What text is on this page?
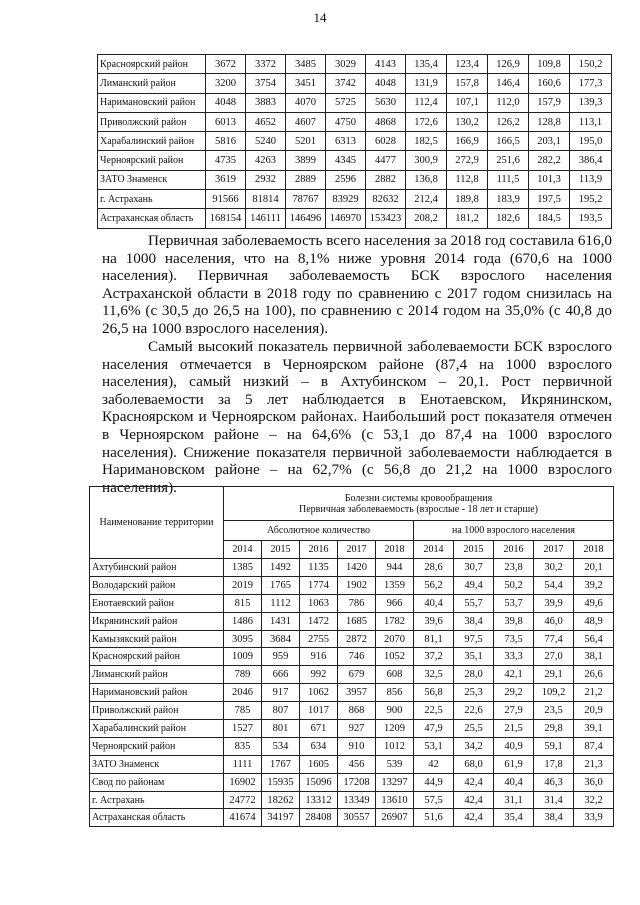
14
Красноярский район	3672	3372	3485	3029	4143	135,4	123,4	126,9	109,8	150,2
Лиманский район	3200	3754	3451	3742	4048	131,9	157,8	146,4	160,6	177,3
Наримановский район	4048	3883	4070	5725	5630	112,4	107,1	112,0	157,9	139,3
Приволжский район	6013	4652	4607	4750	4868	172,6	130,2	126,2	128,8	113,1
Харабалинский район	5816	5240	5201	6313	6028	182,5	166,9	166,5	203,1	195,0
Черноярский район	4735	4263	3899	4345	4477	300,9	272,9	251,6	282,2	386,4
ЗАТО Знаменск	3619	2932	2889	2596	2882	136,8	112,8	111,5	101,3	113,9
г. Астрахань	91566	81814	78767	83929	82632	212,4	189,8	183,9	197,5	195,2
Астраханская область	168154	146111	146496	146970	153423	208,2	181,2	182,6	184,5	193,5

Первичная заболеваемость всего населения за 2018 год составила 616,0 на 1000 населения, что на 8,1% ниже уровня 2014 года (670,6 на 1000 населения). Первичная заболеваемость БСК взрослого населения Астраханской области в 2018 году по сравнению с 2017 годом снизилась на 11,6% (с 30,5 до 26,5 на 100), по сравнению с 2014 годом на 35,0% (с 40,8 до 26,5 на 1000 взрослого населения).

Самый высокий показатель первичной заболеваемости БСК взрослого населения отмечается в Черноярском районе (87,4 на 1000 взрослого населения), самый низкий – в Ахтубинском – 20,1. Рост первичной заболеваемости за 5 лет наблюдается в Енотаевском, Икрянинском, Красноярском и Черноярском районах. Наибольший рост показателя отмечен в Черноярском районе – на 64,6% (с 53,1 до 87,4 на 1000 взрослого населения). Снижение показателя первичной заболеваемости наблюдается в Наримановском районе – на 62,7% (с 56,8 до 21,2 на 1000 взрослого населения).

Наименование территории	Болезни системы кровообращения
Первичная заболеваемость (взрослые - 18 лет и старше)									

	Абсолютное количество					на 1000 взрослого населения				
	2014	2015	2016	2017	2018	2014	2015	2016	2017	2018
Ахтубинский район	1385	1492	1135	1420	944	28,6	30,7	23,8	30,2	20,1
Володарский район	2019	1765	1774	1902	1359	56,2	49,4	50,2	54,4	39,2
Енотаевский район	815	1112	1063	786	966	40,4	55,7	53,7	39,9	49,6
Икрянинский район	1486	1431	1472	1685	1782	39,6	38,4	39,8	46,0	48,9
Камызякский район	3095	3684	2755	2872	2070	81,1	97,5	73,5	77,4	56,4
Красноярский район	1009	959	916	746	1052	37,2	35,1	33,3	27,0	38,1
Лиманский район	789	666	992	679	608	32,5	28,0	42,1	29,1	26,6
Наримановский район	2046	917	1062	3957	856	56,8	25,3	29,2	109,2	21,2
Приволжский район	785	807	1017	868	900	22,5	22,6	27,9	23,5	20,9
Харабалинский район	1527	801	671	927	1209	47,9	25,5	21,5	29,8	39,1
Черноярский район	835	534	634	910	1012	53,1	34,2	40,9	59,1	87,4
ЗАТО Знаменск	1111	1767	1605	456	539	42	68,0	61,9	17,8	21,3
Свод по районам	16902	15935	15096	17208	13297	44,9	42,4	40,4	46,3	36,0
г. Астрахань	24772	18262	13312	13349	13610	57,5	42,4	31,1	31,4	32,2
Астраханская область	41674	34197	28408	30557	26907	51,6	42,4	35,4	38,4	33,9
